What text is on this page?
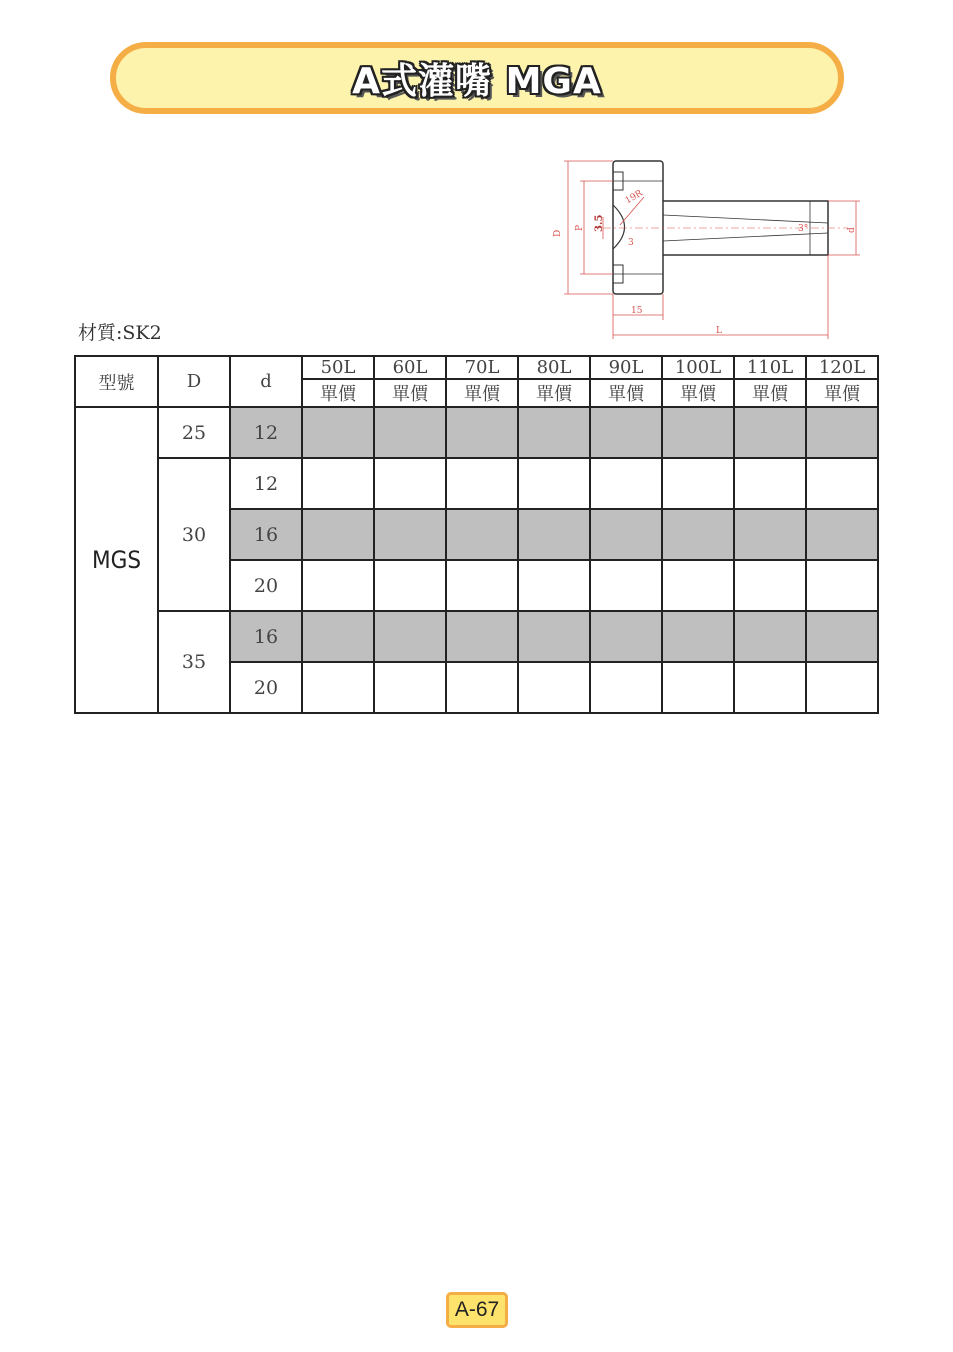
A式灌嘴 MGA
D
P 3.5
3
19R
3°	d
15
L
材質:SK2
型號	D	d	50L	60L	70L	80L	90L	100L	110L	120L
			單價	單價	單價	單價	單價	單價	單價	單價
MGS	25	12								
	30	12								
		16								
		20								
	35	16								
		20								
A-67
